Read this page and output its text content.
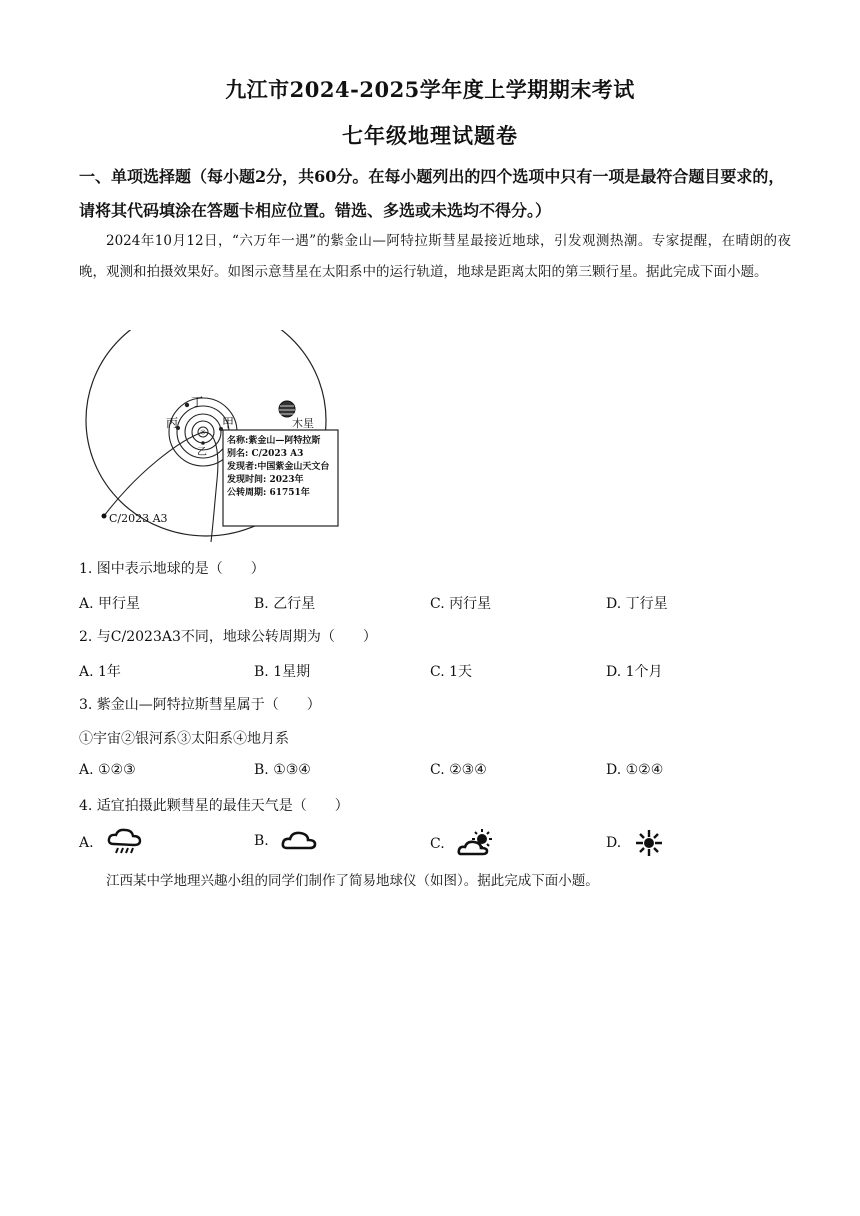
九江市2024-2025学年度上学期期末考试
七年级地理试题卷
一、单项选择题（每小题2分，共60分。在每小题列出的四个选项中只有一项是最符合题目要求的，请将其代码填涂在答题卡相应位置。错选、多选或未选均不得分。）
2024年10月12日，“六万年一遇”的紫金山—阿特拉斯彗星最接近地球，引发观测热潮。专家提醒，在晴朗的夜晚，观测和拍摄效果好。如图示意彗星在太阳系中的运行轨道，地球是距离太阳的第三颗行星。据此完成下面小题。
✳
丁
丙	甲
乙
木星
C/2023 A3
名称:紫金山—阿特拉斯
别名: C/2023 A3
发现者:中国紫金山天文台
发现时间: 2023年
公转周期: 61751年
1. 图中表示地球的是（　　）
A. 甲行星	B. 乙行星	C. 丙行星	D. 丁行星
2. 与C/2023A3不同，地球公转周期为（　　）
A. 1年	B. 1星期	C. 1天	D. 1个月
3. 紫金山—阿特拉斯彗星属于（　　）
①宇宙②银河系③太阳系④地月系
A. ①②③	B. ①③④	C. ②③④	D. ①②④
4. 适宜拍摄此颗彗星的最佳天气是（　　）
A.	B.	C.	D.
江西某中学地理兴趣小组的同学们制作了简易地球仪（如图）。据此完成下面小题。
